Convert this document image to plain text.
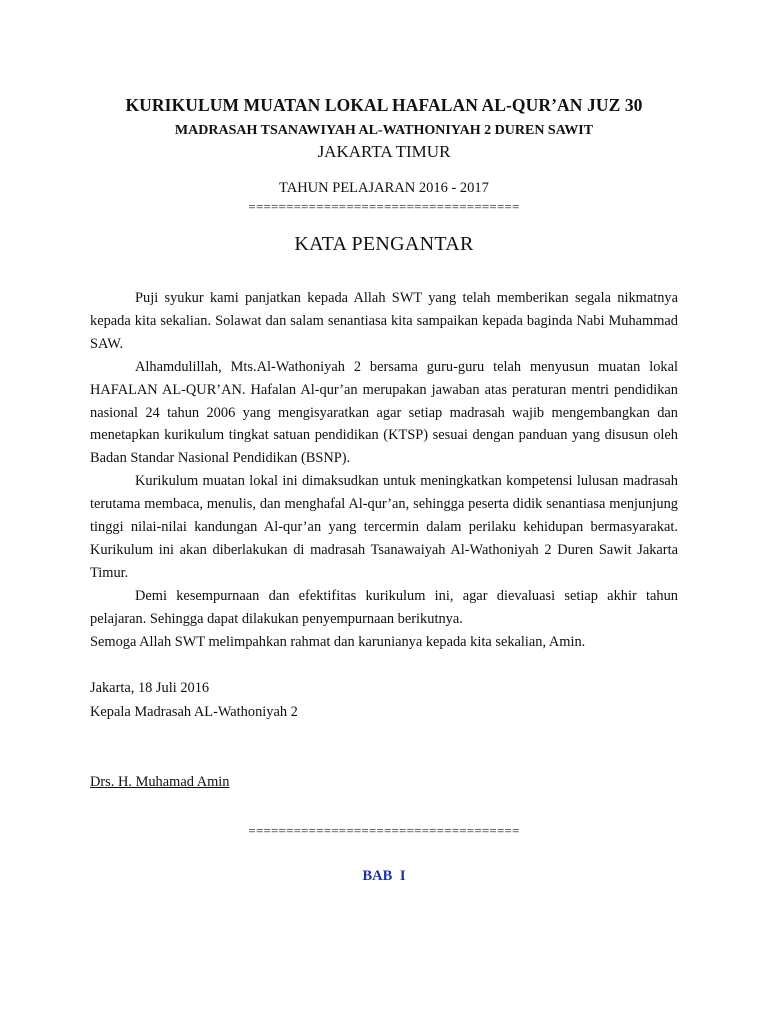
KURIKULUM MUATAN LOKAL HAFALAN AL-QUR’AN JUZ 30
MADRASAH TSANAWIYAH AL-WATHONIYAH 2 DUREN SAWIT
JAKARTA TIMUR
TAHUN PELAJARAN 2016 - 2017
====================================
KATA PENGANTAR

Puji syukur kami panjatkan kepada Allah SWT yang telah memberikan segala nikmatnya kepada kita sekalian. Solawat dan salam senantiasa kita sampaikan kepada baginda Nabi Muhammad SAW.

Alhamdulillah, Mts.Al-Wathoniyah 2 bersama guru-guru telah menyusun muatan lokal HAFALAN AL-QUR’AN. Hafalan Al-qur’an merupakan jawaban atas peraturan mentri pendidikan nasional 24 tahun 2006 yang mengisyaratkan agar setiap madrasah wajib mengembangkan dan menetapkan kurikulum tingkat satuan pendidikan (KTSP) sesuai dengan panduan yang disusun oleh Badan Standar Nasional Pendidikan (BSNP).

Kurikulum muatan lokal ini dimaksudkan untuk meningkatkan kompetensi lulusan madrasah terutama membaca, menulis, dan menghafal Al-qur’an, sehingga peserta didik senantiasa menjunjung tinggi nilai-nilai kandungan Al-qur’an yang tercermin dalam perilaku kehidupan bermasyarakat. Kurikulum ini akan diberlakukan di madrasah Tsanawaiyah Al-Wathoniyah 2 Duren Sawit Jakarta Timur.

Demi kesempurnaan dan efektifitas kurikulum ini, agar dievaluasi setiap akhir tahun pelajaran. Sehingga dapat dilakukan penyempurnaan berikutnya.

Semoga Allah SWT melimpahkan rahmat dan karunianya kepada kita sekalian, Amin.

Jakarta, 18 Juli 2016
Kepala Madrasah AL-Wathoniyah 2
Drs. H. Muhamad Amin
====================================
BAB I
